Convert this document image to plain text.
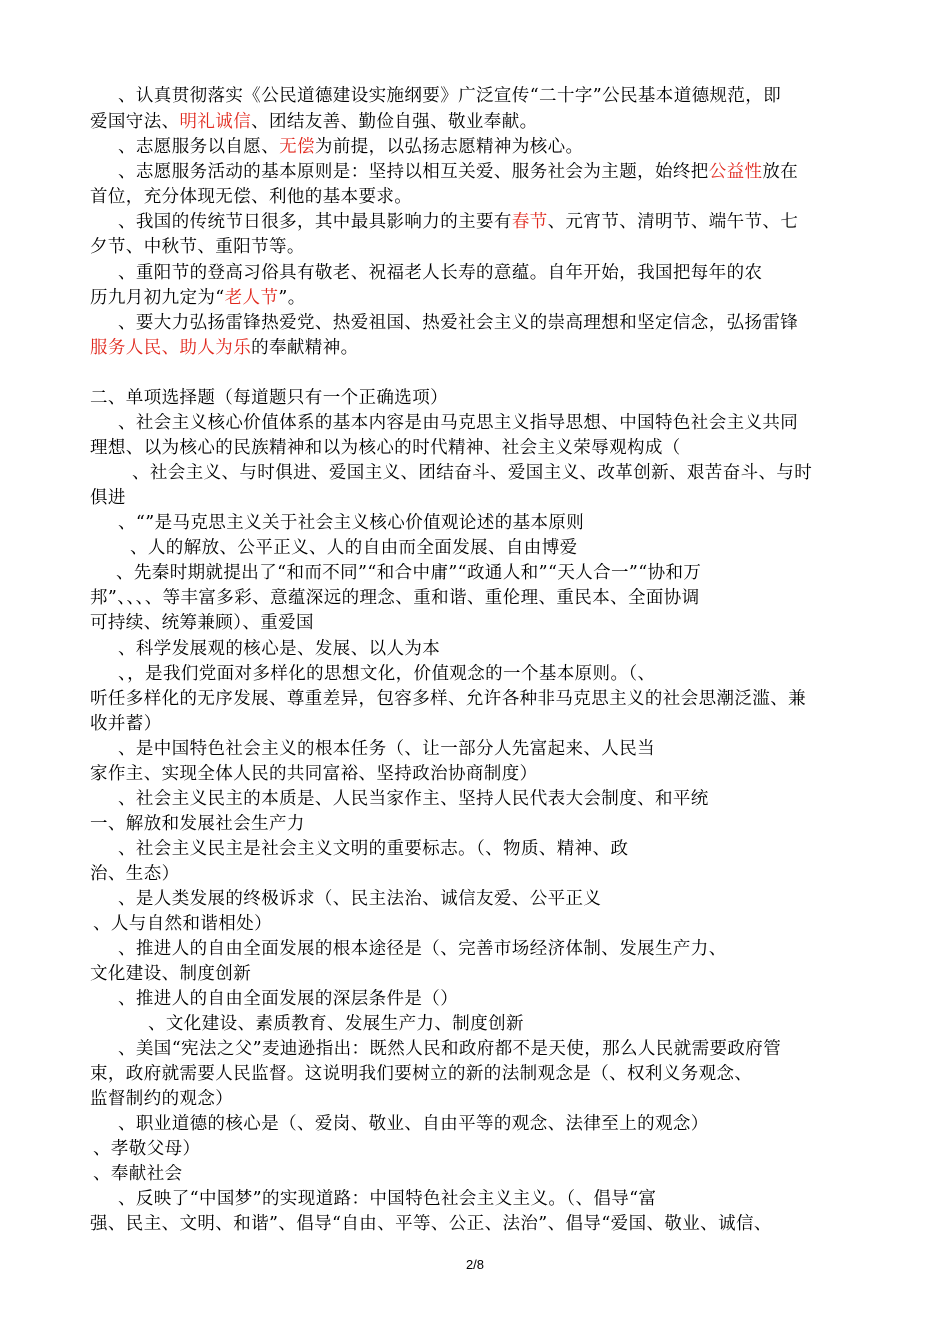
、认真贯彻落实《公民道德建设实施纲要》广泛宣传“二十字”公民基本道德规范，即
爱国守法、明礼诚信、团结友善、勤俭自强、敬业奉献。
、志愿服务以自愿、无偿为前提，以弘扬志愿精神为核心。
、志愿服务活动的基本原则是：坚持以相互关爱、服务社会为主题，始终把公益性放在
首位，充分体现无偿、利他的基本要求。
、我国的传统节日很多，其中最具影响力的主要有春节、元宵节、清明节、端午节、七
夕节、中秋节、重阳节等。
、重阳节的登高习俗具有敬老、祝福老人长寿的意蕴。自年开始，我国把每年的农
历九月初九定为“老人节”。
、要大力弘扬雷锋热爱党、热爱祖国、热爱社会主义的崇高理想和坚定信念，弘扬雷锋
服务人民、助人为乐的奉献精神。
二、单项选择题（每道题只有一个正确选项）
、社会主义核心价值体系的基本内容是由马克思主义指导思想、中国特色社会主义共同
理想、以为核心的民族精神和以为核心的时代精神、社会主义荣辱观构成（
、社会主义、与时俱进、爱国主义、团结奋斗、爱国主义、改革创新、艰苦奋斗、与时
俱进
、“”是马克思主义关于社会主义核心价值观论述的基本原则
、人的解放、公平正义、人的自由而全面发展、自由博爱
、先秦时期就提出了“和而不同”“和合中庸”“政通人和”“天人合一”“协和万
邦”、、、、等丰富多彩、意蕴深远的理念、重和谐、重伦理、重民本、全面协调
可持续、统筹兼顾）、重爱国
、科学发展观的核心是、发展、以人为本
、，是我们党面对多样化的思想文化，价值观念的一个基本原则。（、
听任多样化的无序发展、尊重差异，包容多样、允许各种非马克思主义的社会思潮泛滥、兼
收并蓄）
、是中国特色社会主义的根本任务（、让一部分人先富起来、人民当
家作主、实现全体人民的共同富裕、坚持政治协商制度）
、社会主义民主的本质是、人民当家作主、坚持人民代表大会制度、和平统
一、解放和发展社会生产力
、社会主义民主是社会主义文明的重要标志。（、物质、精神、政
治、生态）
、是人类发展的终极诉求（、民主法治、诚信友爱、公平正义
、人与自然和谐相处）
、推进人的自由全面发展的根本途径是（、完善市场经济体制、发展生产力、
文化建设、制度创新
、推进人的自由全面发展的深层条件是（）
、文化建设、素质教育、发展生产力、制度创新
、美国“宪法之父”麦迪逊指出：既然人民和政府都不是天使，那么人民就需要政府管
束，政府就需要人民监督。这说明我们要树立的新的法制观念是（、权利义务观念、
监督制约的观念）
、职业道德的核心是（、爱岗、敬业、自由平等的观念、法律至上的观念）
、孝敬父母）
、奉献社会
、反映了“中国梦”的实现道路：中国特色社会主义主义。（、倡导“富
强、民主、文明、和谐”、倡导“自由、平等、公正、法治”、倡导“爱国、敬业、诚信、
2/8
